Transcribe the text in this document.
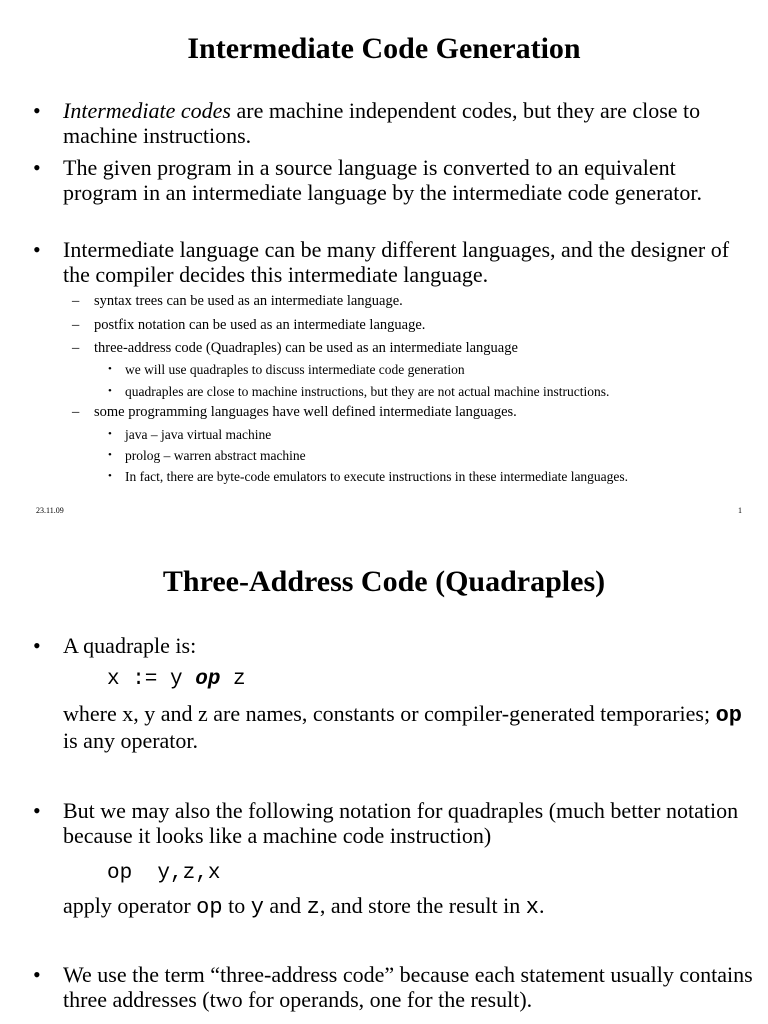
Intermediate Code Generation
• Intermediate codes are machine independent codes, but they are close to machine instructions.
• The given program in a source language is converted to an equivalent program in an intermediate language by the intermediate code generator.
• Intermediate language can be many different languages, and the designer of the compiler decides this intermediate language.
– syntax trees can be used as an intermediate language.
– postfix notation can be used as an intermediate language.
– three-address code (Quadraples) can be used as an intermediate language
• we will use quadraples to discuss intermediate code generation
• quadraples are close to machine instructions, but they are not actual machine instructions.
– some programming languages have well defined intermediate languages.
• java – java virtual machine
• prolog – warren abstract machine
• In fact, there are byte-code emulators to execute instructions in these intermediate languages.
23.11.09	1
Three-Address Code (Quadraples)
• A quadraple is:
x := y op z
where x, y and z are names, constants or compiler-generated temporaries; op is any operator.
• But we may also the following notation for quadraples (much better notation because it looks like a machine code instruction)
op  y,z,x
apply operator op to y and z, and store the result in x.
• We use the term “three-address code” because each statement usually contains three addresses (two for operands, one for the result).
